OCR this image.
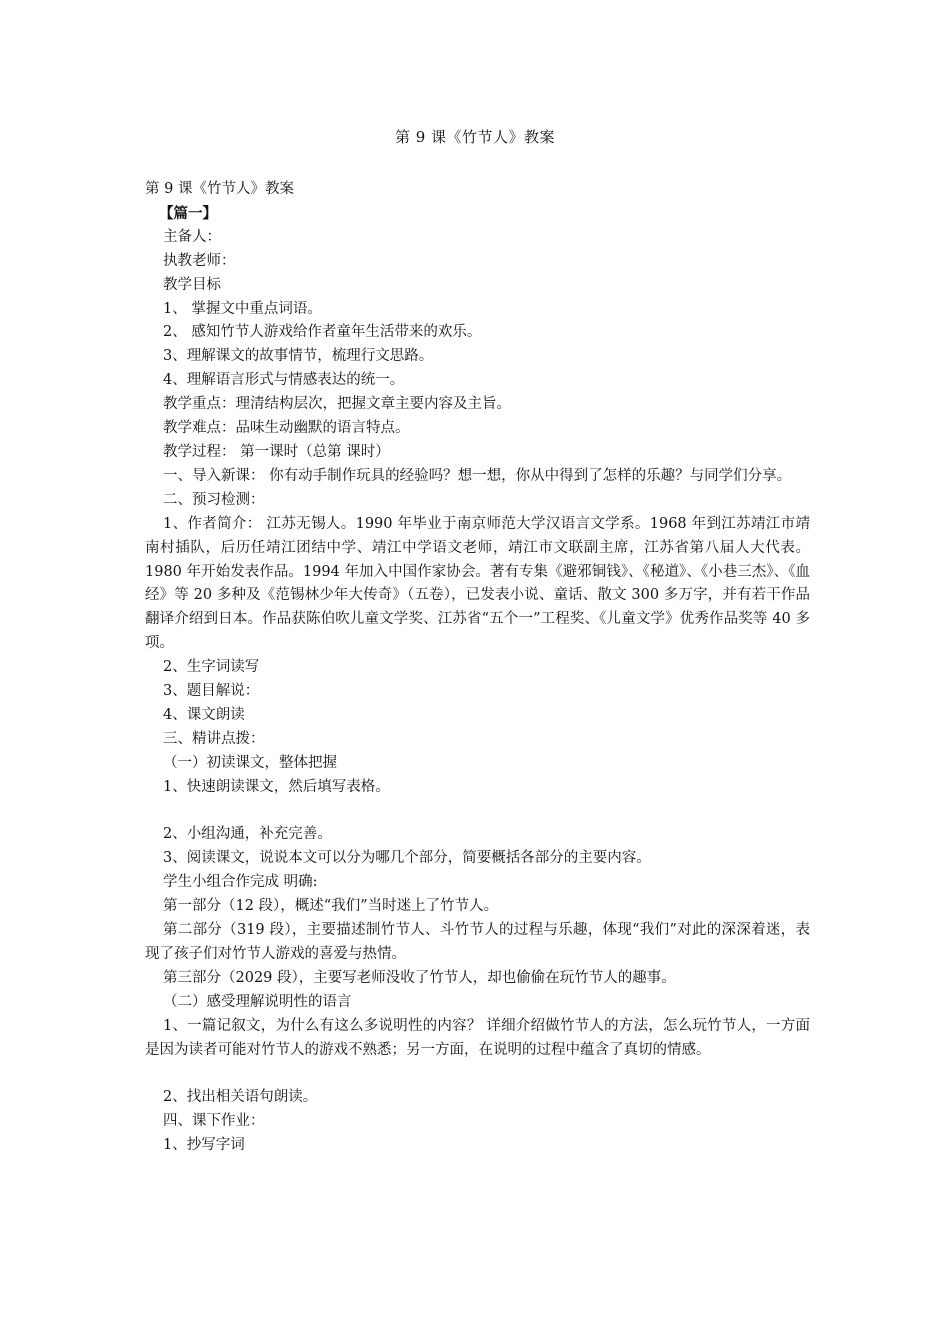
第 9 课《竹节人》教案

第 9 课《竹节人》教案

【篇一】

主备人：

执教老师：

教学目标

1、 掌握文中重点词语。

2、 感知竹节人游戏给作者童年生活带来的欢乐。

3、理解课文的故事情节，梳理行文思路。

4、理解语言形式与情感表达的统一。

教学重点：理清结构层次，把握文章主要内容及主旨。

教学难点：品味生动幽默的语言特点。

教学过程： 第一课时（总第 课时）

一、导入新课： 你有动手制作玩具的经验吗？想一想，你从中得到了怎样的乐趣？与同学们分享。

二、预习检测：

1、作者简介： 江苏无锡人。1990 年毕业于南京师范大学汉语言文学系。1968 年到江苏靖江市靖南村插队，后历任靖江团结中学、靖江中学语文老师，靖江市文联副主席，江苏省第八届人大代表。1980 年开始发表作品。1994 年加入中国作家协会。著有专集《避邪铜钱》、《秘道》、《小巷三杰》、《血经》等 20 多种及《范锡林少年大传奇》（五卷），已发表小说、童话、散文 300 多万字，并有若干作品翻译介绍到日本。作品获陈伯吹儿童文学奖、江苏省“五个一”工程奖、《儿童文学》优秀作品奖等 40 多项。

2、生字词读写

3、题目解说：

4、课文朗读

三、精讲点拨：

（一）初读课文，整体把握

1、快速朗读课文，然后填写表格。

2、小组沟通，补充完善。

3、阅读课文，说说本文可以分为哪几个部分，简要概括各部分的主要内容。

学生小组合作完成 明确:

第一部分（12 段），概述“我们”当时迷上了竹节人。

第二部分（319 段），主要描述制竹节人、斗竹节人的过程与乐趣，体现“我们”对此的深深着迷，表现了孩子们对竹节人游戏的喜爱与热情。

第三部分（2029 段），主要写老师没收了竹节人，却也偷偷在玩竹节人的趣事。

（二）感受理解说明性的语言

1、一篇记叙文，为什么有这么多说明性的内容？ 详细介绍做竹节人的方法，怎么玩竹节人，一方面是因为读者可能对竹节人的游戏不熟悉；另一方面，在说明的过程中蕴含了真切的情感。

2、找出相关语句朗读。

四、课下作业：

1、抄写字词
